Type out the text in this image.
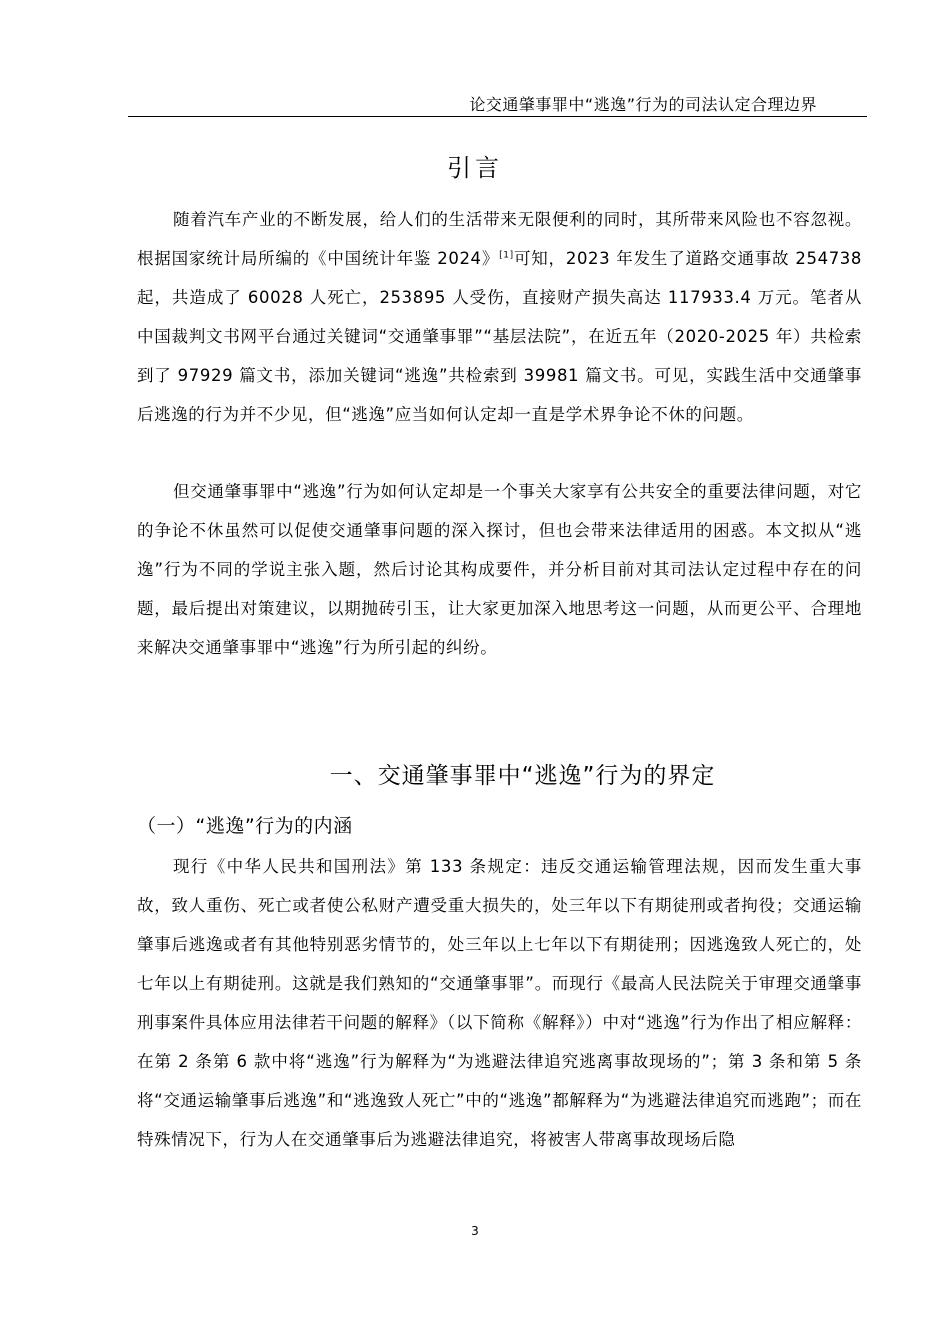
论交通肇事罪中“逃逸”行为的司法认定合理边界
引言

随着汽车产业的不断发展，给人们的生活带来无限便利的同时，其所带来风险也不容忽视。根据国家统计局所编的《中国统计年鉴 2024》[1]可知，2023 年发生了道路交通事故 254738 起，共造成了 60028 人死亡，253895 人受伤，直接财产损失高达 117933.4 万元。笔者从中国裁判文书网平台通过关键词“交通肇事罪”“基层法院”，在近五年（2020-2025 年）共检索到了 97929 篇文书，添加关键词“逃逸”共检索到 39981 篇文书。可见，实践生活中交通肇事后逃逸的行为并不少见，但“逃逸”应当如何认定却一直是学术界争论不休的问题。

但交通肇事罪中“逃逸”行为如何认定却是一个事关大家享有公共安全的重要法律问题，对它的争论不休虽然可以促使交通肇事问题的深入探讨，但也会带来法律适用的困惑。本文拟从“逃逸”行为不同的学说主张入题，然后讨论其构成要件，并分析目前对其司法认定过程中存在的问题，最后提出对策建议，以期抛砖引玉，让大家更加深入地思考这一问题，从而更公平、合理地来解决交通肇事罪中“逃逸”行为所引起的纠纷。

一、交通肇事罪中“逃逸”行为的界定
（一）“逃逸”行为的内涵

现行《中华人民共和国刑法》第 133 条规定：违反交通运输管理法规，因而发生重大事故，致人重伤、死亡或者使公私财产遭受重大损失的，处三年以下有期徒刑或者拘役；交通运输肇事后逃逸或者有其他特别恶劣情节的，处三年以上七年以下有期徒刑；因逃逸致人死亡的，处七年以上有期徒刑。这就是我们熟知的“交通肇事罪”。而现行《最高人民法院关于审理交通肇事刑事案件具体应用法律若干问题的解释》（以下简称《解释》）中对“逃逸”行为作出了相应解释：在第 2 条第 6 款中将“逃逸”行为解释为“为逃避法律追究逃离事故现场的”；第 3 条和第 5 条将“交通运输肇事后逃逸”和“逃逸致人死亡”中的“逃逸”都解释为“为逃避法律追究而逃跑”；而在特殊情况下，行为人在交通肇事后为逃避法律追究，将被害人带离事故现场后隐

3
